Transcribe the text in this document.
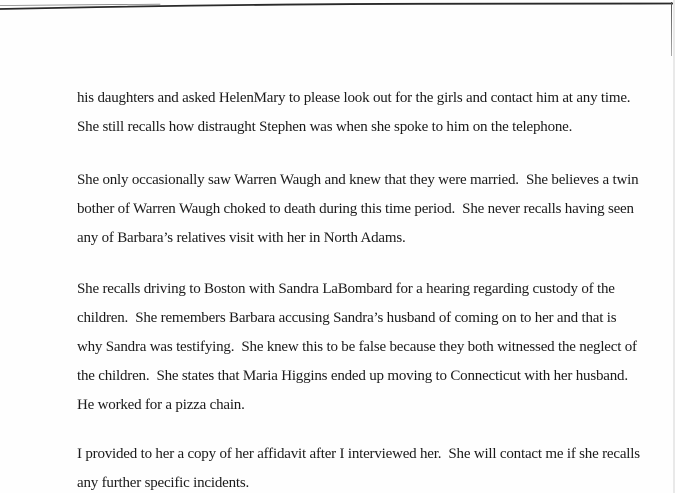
his daughters and asked HelenMary to please look out for the girls and contact him at any time.
She still recalls how distraught Stephen was when she spoke to him on the telephone.

She only occasionally saw Warren Waugh and knew that they were married.  She believes a twin
bother of Warren Waugh choked to death during this time period.  She never recalls having seen
any of Barbara’s relatives visit with her in North Adams.

She recalls driving to Boston with Sandra LaBombard for a hearing regarding custody of the
children.  She remembers Barbara accusing Sandra’s husband of coming on to her and that is
why Sandra was testifying.  She knew this to be false because they both witnessed the neglect of
the children.  She states that Maria Higgins ended up moving to Connecticut with her husband.
He worked for a pizza chain.

I provided to her a copy of her affidavit after I interviewed her.  She will contact me if she recalls
any further specific incidents.
